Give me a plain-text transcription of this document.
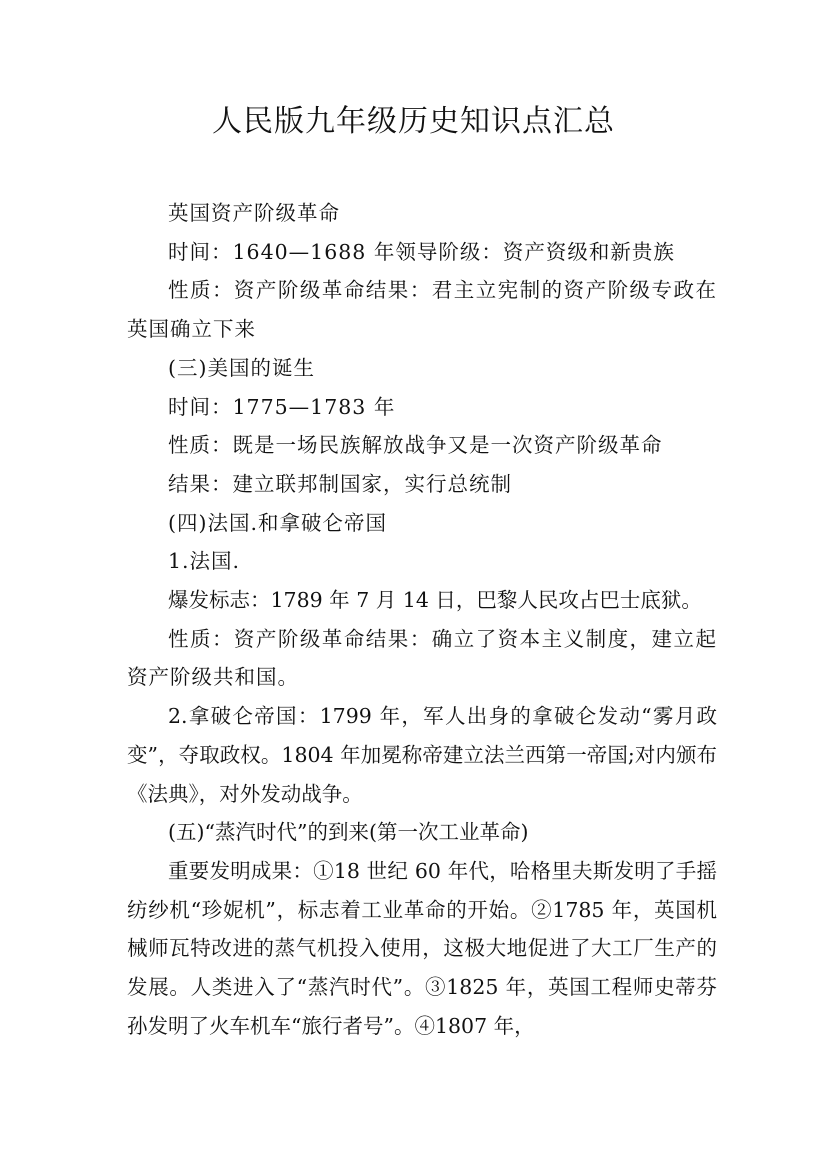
人民版九年级历史知识点汇总

英国资产阶级革命

时间：1640—1688 年领导阶级：资产资级和新贵族

性质：资产阶级革命结果：君主立宪制的资产阶级专政在英国确立下来

(三)美国的诞生

时间：1775—1783 年

性质：既是一场民族解放战争又是一次资产阶级革命

结果：建立联邦制国家，实行总统制

(四)法国.和拿破仑帝国

1.法国.

爆发标志：1789 年 7 月 14 日，巴黎人民攻占巴士底狱。

性质：资产阶级革命结果：确立了资本主义制度，建立起资产阶级共和国。

2.拿破仑帝国：1799 年，军人出身的拿破仑发动“雾月政变”，夺取政权。1804 年加冕称帝建立法兰西第一帝国;对内颁布《法典》，对外发动战争。

(五)“蒸汽时代”的到来(第一次工业革命)

重要发明成果：①18 世纪 60 年代，哈格里夫斯发明了手摇纺纱机“珍妮机”，标志着工业革命的开始。②1785 年，英国机械师瓦特改进的蒸气机投入使用，这极大地促进了大工厂生产的发展。人类进入了“蒸汽时代”。③1825 年，英国工程师史蒂芬孙发明了火车机车“旅行者号”。④1807 年，
